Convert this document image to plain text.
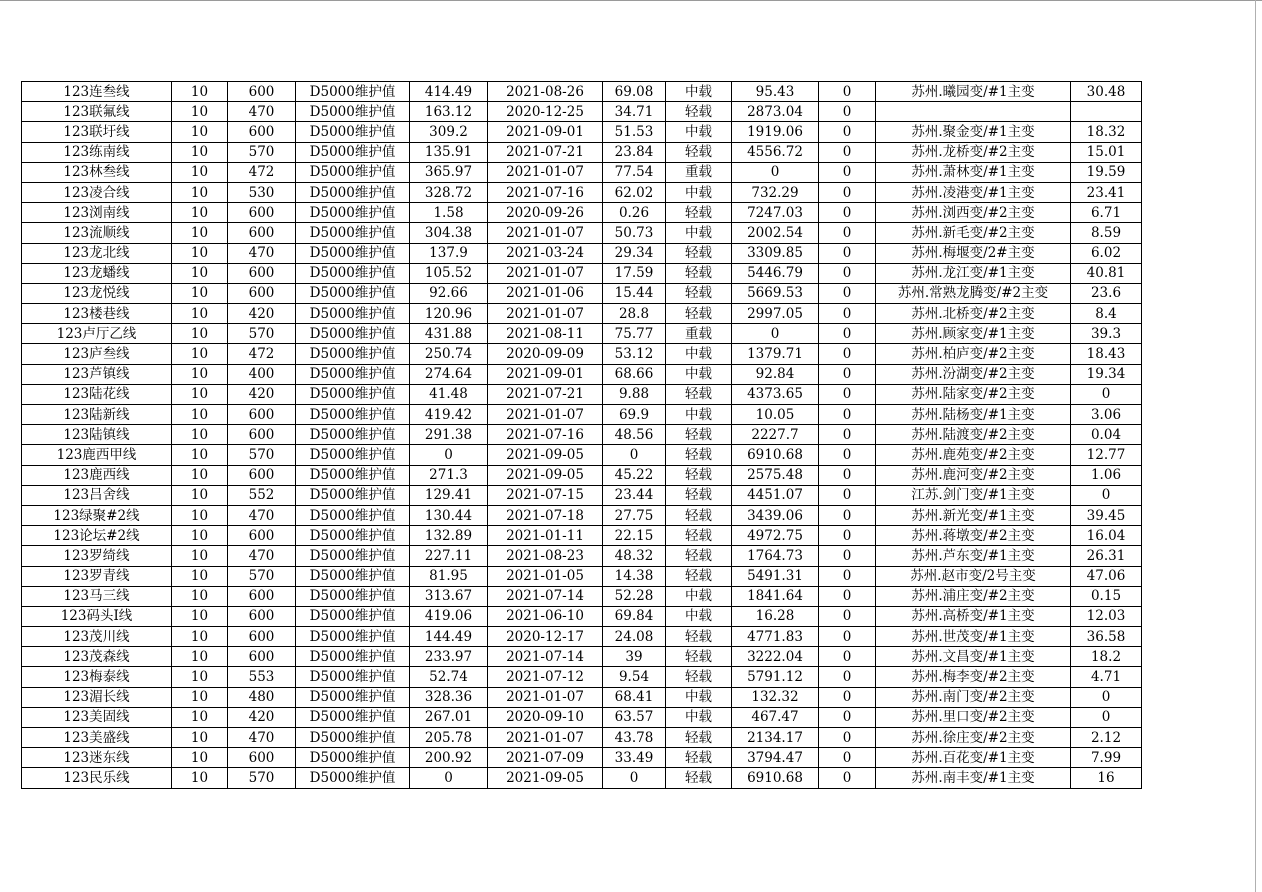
123连叁线	10	600	D5000维护值	414.49	2021-08-26	69.08	中载	95.43	0	苏州.曦园变/#1主变	30.48
123联氟线	10	470	D5000维护值	163.12	2020-12-25	34.71	轻载	2873.04	0		
123联圩线	10	600	D5000维护值	309.2	2021-09-01	51.53	中载	1919.06	0	苏州.聚金变/#1主变	18.32
123练南线	10	570	D5000维护值	135.91	2021-07-21	23.84	轻载	4556.72	0	苏州.龙桥变/#2主变	15.01
123林叁线	10	472	D5000维护值	365.97	2021-01-07	77.54	重载	0	0	苏州.萧林变/#1主变	19.59
123凌合线	10	530	D5000维护值	328.72	2021-07-16	62.02	中载	732.29	0	苏州.凌港变/#1主变	23.41
123浏南线	10	600	D5000维护值	1.58	2020-09-26	0.26	轻载	7247.03	0	苏州.浏西变/#2主变	6.71
123流顺线	10	600	D5000维护值	304.38	2021-01-07	50.73	中载	2002.54	0	苏州.新毛变/#2主变	8.59
123龙北线	10	470	D5000维护值	137.9	2021-03-24	29.34	轻载	3309.85	0	苏州.梅堰变/2#主变	6.02
123龙蟠线	10	600	D5000维护值	105.52	2021-01-07	17.59	轻载	5446.79	0	苏州.龙江变/#1主变	40.81
123龙悦线	10	600	D5000维护值	92.66	2021-01-06	15.44	轻载	5669.53	0	苏州.常熟龙腾变/#2主变	23.6
123楼巷线	10	420	D5000维护值	120.96	2021-01-07	28.8	轻载	2997.05	0	苏州.北桥变/#2主变	8.4
123卢厅乙线	10	570	D5000维护值	431.88	2021-08-11	75.77	重载	0	0	苏州.顾家变/#1主变	39.3
123庐叁线	10	472	D5000维护值	250.74	2020-09-09	53.12	中载	1379.71	0	苏州.柏庐变/#2主变	18.43
123芦镇线	10	400	D5000维护值	274.64	2021-09-01	68.66	中载	92.84	0	苏州.汾湖变/#2主变	19.34
123陆花线	10	420	D5000维护值	41.48	2021-07-21	9.88	轻载	4373.65	0	苏州.陆家变/#2主变	0
123陆新线	10	600	D5000维护值	419.42	2021-01-07	69.9	中载	10.05	0	苏州.陆杨变/#1主变	3.06
123陆镇线	10	600	D5000维护值	291.38	2021-07-16	48.56	轻载	2227.7	0	苏州.陆渡变/#2主变	0.04
123鹿西甲线	10	570	D5000维护值	0	2021-09-05	0	轻载	6910.68	0	苏州.鹿苑变/#2主变	12.77
123鹿西线	10	600	D5000维护值	271.3	2021-09-05	45.22	轻载	2575.48	0	苏州.鹿河变/#2主变	1.06
123吕舍线	10	552	D5000维护值	129.41	2021-07-15	23.44	轻载	4451.07	0	江苏.剑门变/#1主变	0
123绿聚#2线	10	470	D5000维护值	130.44	2021-07-18	27.75	轻载	3439.06	0	苏州.新光变/#1主变	39.45
123论坛#2线	10	600	D5000维护值	132.89	2021-01-11	22.15	轻载	4972.75	0	苏州.蒋墩变/#2主变	16.04
123罗绮线	10	470	D5000维护值	227.11	2021-08-23	48.32	轻载	1764.73	0	苏州.芦东变/#1主变	26.31
123罗青线	10	570	D5000维护值	81.95	2021-01-05	14.38	轻载	5491.31	0	苏州.赵市变/2号主变	47.06
123马三线	10	600	D5000维护值	313.67	2021-07-14	52.28	中载	1841.64	0	苏州.浦庄变/#2主变	0.15
123码头I线	10	600	D5000维护值	419.06	2021-06-10	69.84	中载	16.28	0	苏州.高桥变/#1主变	12.03
123茂川线	10	600	D5000维护值	144.49	2020-12-17	24.08	轻载	4771.83	0	苏州.世茂变/#1主变	36.58
123茂森线	10	600	D5000维护值	233.97	2021-07-14	39	轻载	3222.04	0	苏州.文昌变/#1主变	18.2
123梅泰线	10	553	D5000维护值	52.74	2021-07-12	9.54	轻载	5791.12	0	苏州.梅李变/#2主变	4.71
123湄长线	10	480	D5000维护值	328.36	2021-01-07	68.41	中载	132.32	0	苏州.南门变/#2主变	0
123美固线	10	420	D5000维护值	267.01	2020-09-10	63.57	中载	467.47	0	苏州.里口变/#2主变	0
123美盛线	10	470	D5000维护值	205.78	2021-01-07	43.78	轻载	2134.17	0	苏州.徐庄变/#2主变	2.12
123迷东线	10	600	D5000维护值	200.92	2021-07-09	33.49	轻载	3794.47	0	苏州.百花变/#1主变	7.99
123民乐线	10	570	D5000维护值	0	2021-09-05	0	轻载	6910.68	0	苏州.南丰变/#1主变	16
